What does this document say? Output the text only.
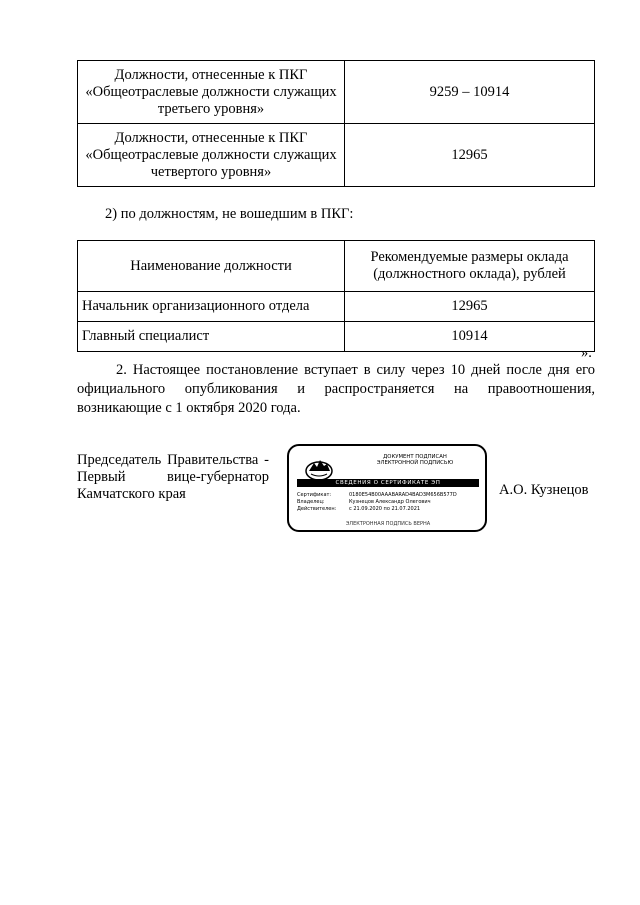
Должности, отнесенные к ПКГ «Общеотраслевые должности служащих третьего уровня»	9259 – 10914
Должности, отнесенные к ПКГ «Общеотраслевые должности служащих четвертого уровня»	12965
2) по должностям, не вошедшим в ПКГ:
Наименование должности	Рекомендуемые размеры оклада (должностного оклада), рублей
Начальник организационного отдела	12965
Главный специалист	10914
».
2. Настоящее постановление вступает в силу через 10 дней после дня его
официального опубликования и распространяется на правоотношения,
возникающие с 1 октября 2020 года.
Председатель Правительства -
Первый вице-губернатор
Камчатского края
ДОКУМЕНТ ПОДПИСАН
ЭЛЕКТРОННОЙ ПОДПИСЬЮ
СВЕДЕНИЯ О СЕРТИФИКАТЕ ЭП
Сертификат:	0180E54B00AAABARAD4BAD3M656B577D
Владелец:	Кузнецов Александр Олегович
Действителен:	с 21.09.2020 по 21.07.2021
ЭЛЕКТРОННАЯ ПОДПИСЬ ВЕРНА
А.О. Кузнецов
